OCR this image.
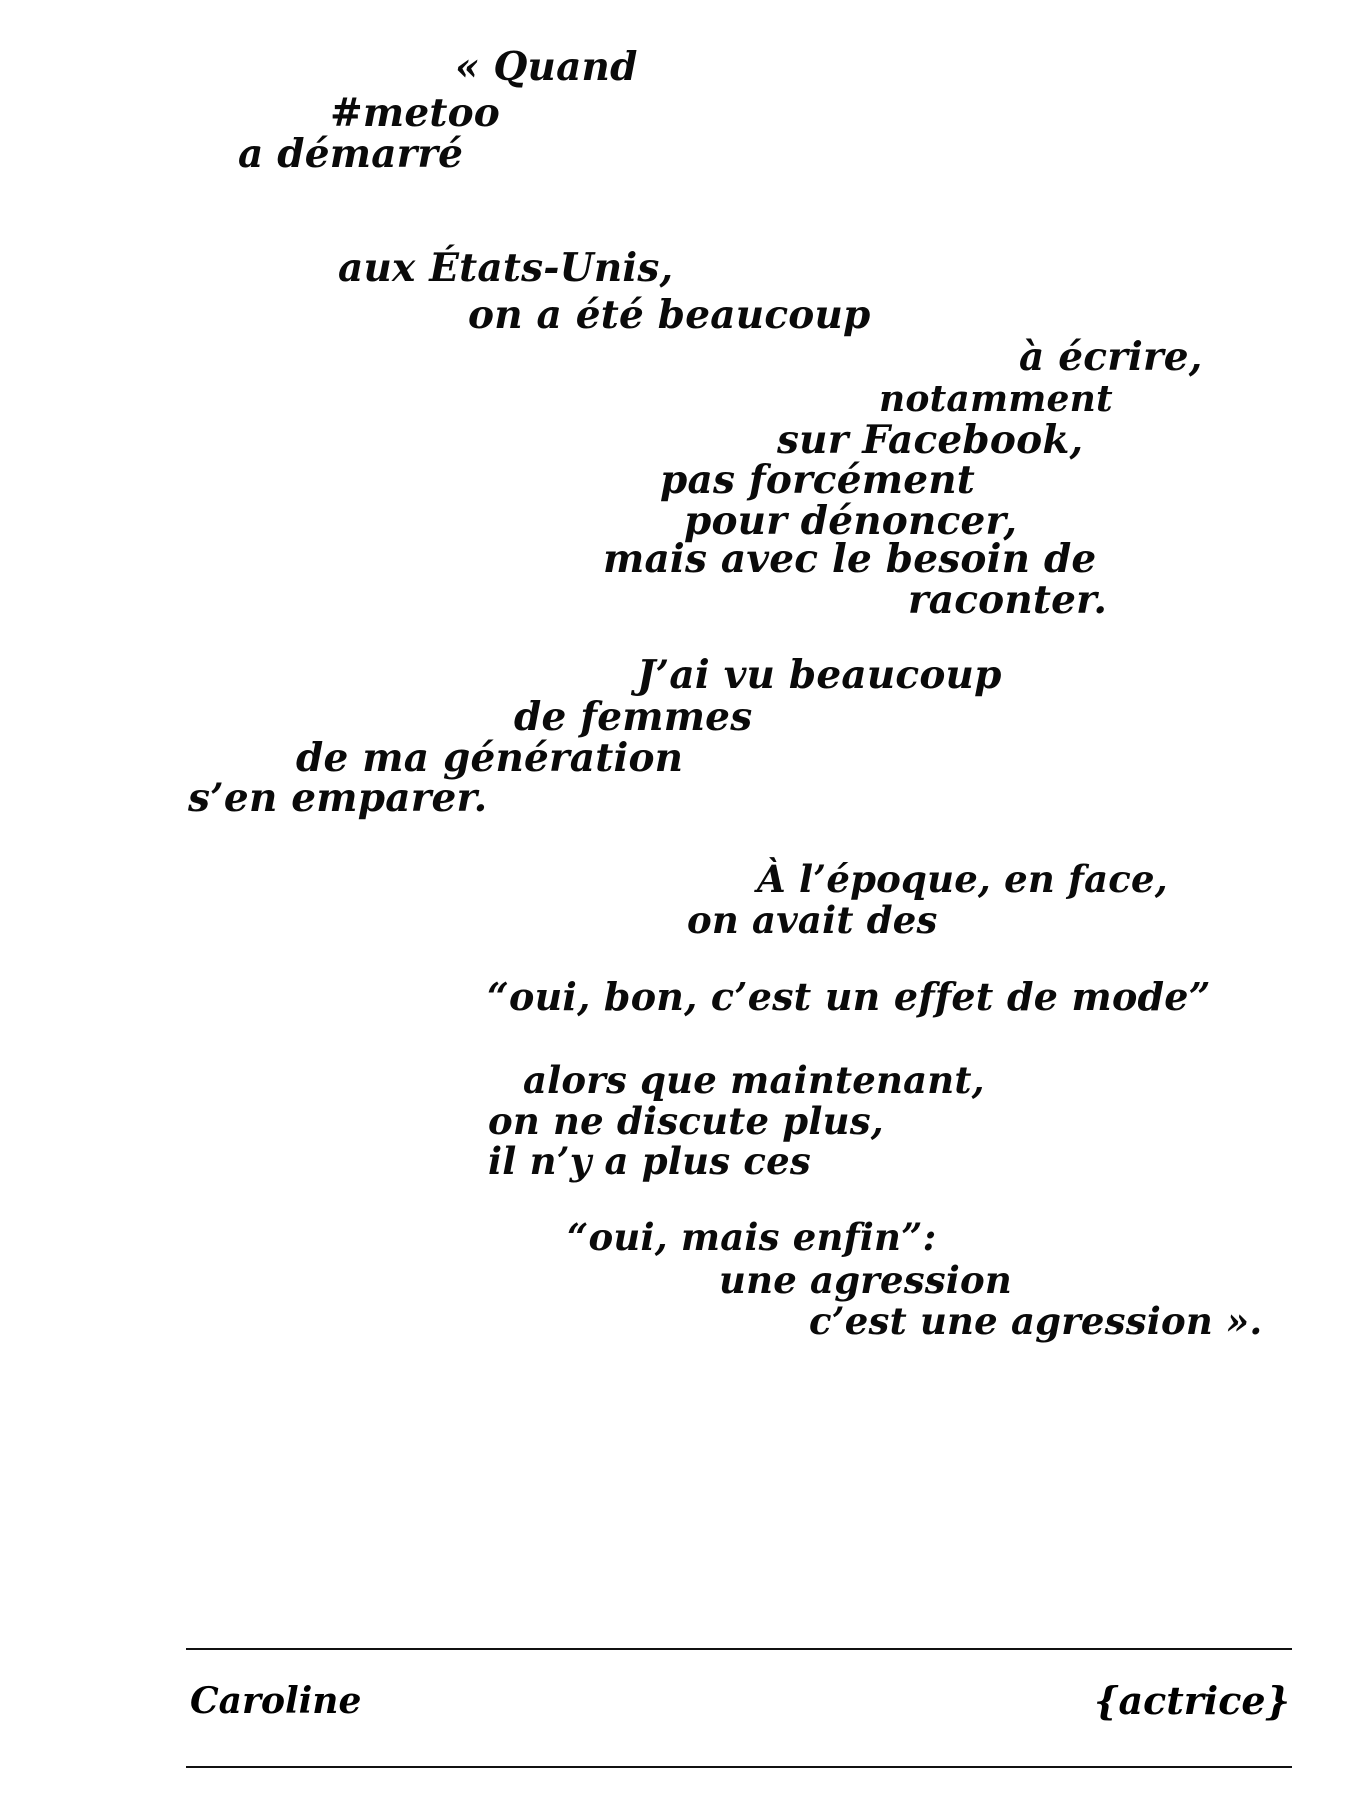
« Quand
#metoo
a démarré
aux États-Unis,
on a été beaucoup
à écrire,
notamment
sur Facebook,
pas forcément
pour dénoncer,
mais avec le besoin de
raconter.
J’ai vu beaucoup
de femmes
de ma génération
s’en emparer.
À l’époque, en face,
on avait des
“oui, bon, c’est un effet de mode”
alors que maintenant,
on ne discute plus,
il n’y a plus ces
“oui, mais enfin”:
une agression
c’est une agression ».
Caroline	{actrice}
